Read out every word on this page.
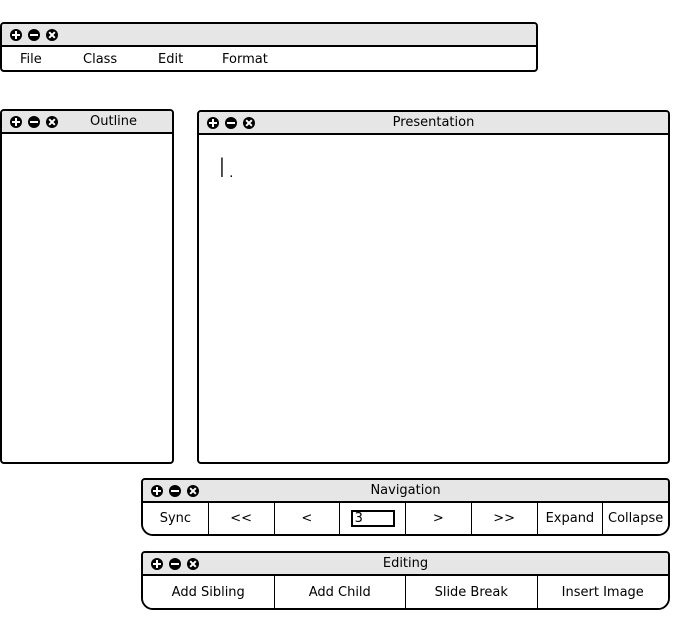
File	Class	Edit	Format
Outline	Presentation
I.
Navigation
Sync	<<	<
3	>	>>	Expand	Collapse
Editing
Add Sibling	Add Child	Slide Break	Insert Image
